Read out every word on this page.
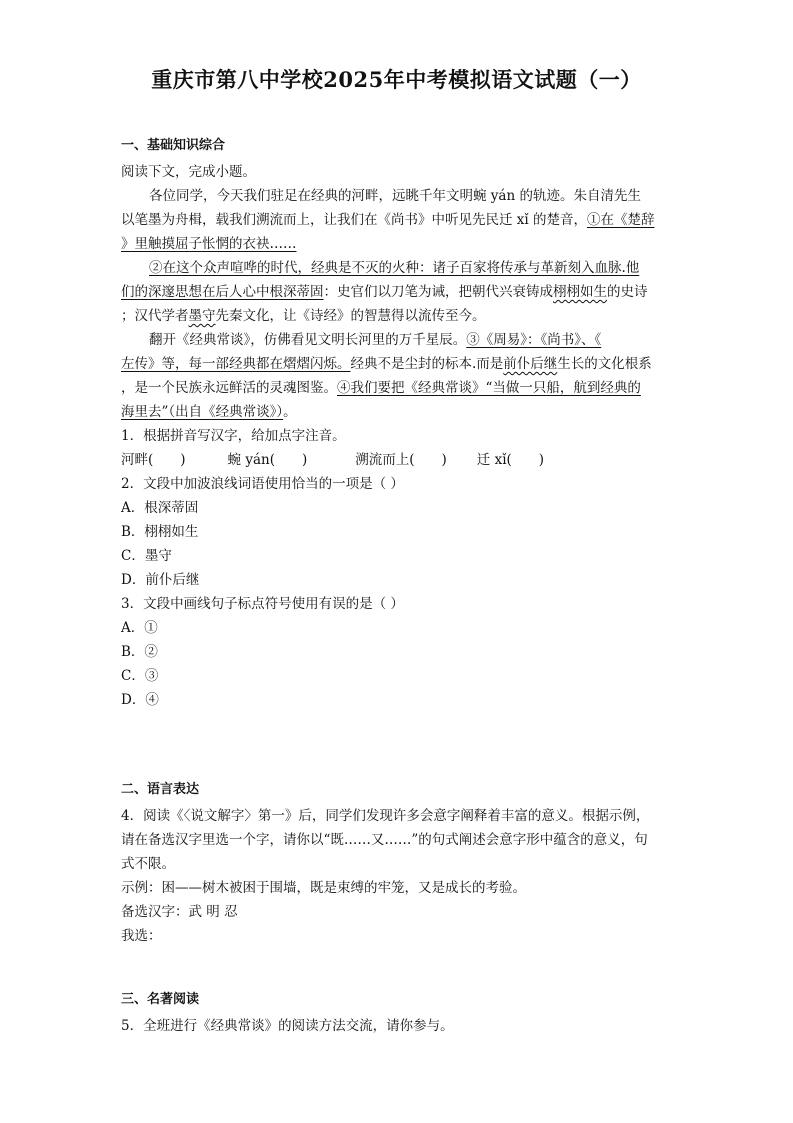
重庆市第八中学校2025年中考模拟语文试题（一）
一、基础知识综合
阅读下文，完成小题。
各位同学，今天我们驻足在经典的河畔，远眺千年文明蜿 yán 的轨迹。朱自清先生
以笔墨为舟楫，载我们溯流而上，让我们在《尚书》中听见先民迁 xǐ 的楚音，①在《楚辞
》里触摸屈子怅惘的衣袂……
②在这个众声喧哗的时代，经典是不灭的火种：诸子百家将传承与革新刻入血脉.他
们的深邃思想在后人心中根深蒂固：史官们以刀笔为诫，把朝代兴衰铸成栩栩如生的史诗
；汉代学者墨守先秦文化，让《诗经》的智慧得以流传至今。
翻开《经典常谈》，仿佛看见文明长河里的万千星辰。③《周易》：《尚书》、《
左传》等，每一部经典都在熠熠闪烁。经典不是尘封的标本.而是前仆后继生长的文化根系
，是一个民族永远鲜活的灵魂图鉴。④我们要把《经典常谈》“当做一只船，航到经典的
海里去”（出自《经典常谈》）。
1．根据拼音写汉字，给加点字注音。
河畔(　　)	蜿 yán(　　)	溯流而上(　　) 迁 xǐ(　　)
2．文段中加波浪线词语使用恰当的一项是（ ）
A．根深蒂固
B．栩栩如生
C．墨守
D．前仆后继
3．文段中画线句子标点符号使用有误的是（ ）
A．①
B．②
C．③
D．④
二、语言表达
4．阅读《〈说文解字〉第一》后，同学们发现许多会意字阐释着丰富的意义。根据示例，
请在备选汉字里选一个字，请你以“既……又……”的句式阐述会意字形中蕴含的意义，句
式不限。
示例：困——树木被困于围墙，既是束缚的牢笼，又是成长的考验。
备选汉字：武 明 忍
我选：
三、名著阅读
5．全班进行《经典常谈》的阅读方法交流，请你参与。
